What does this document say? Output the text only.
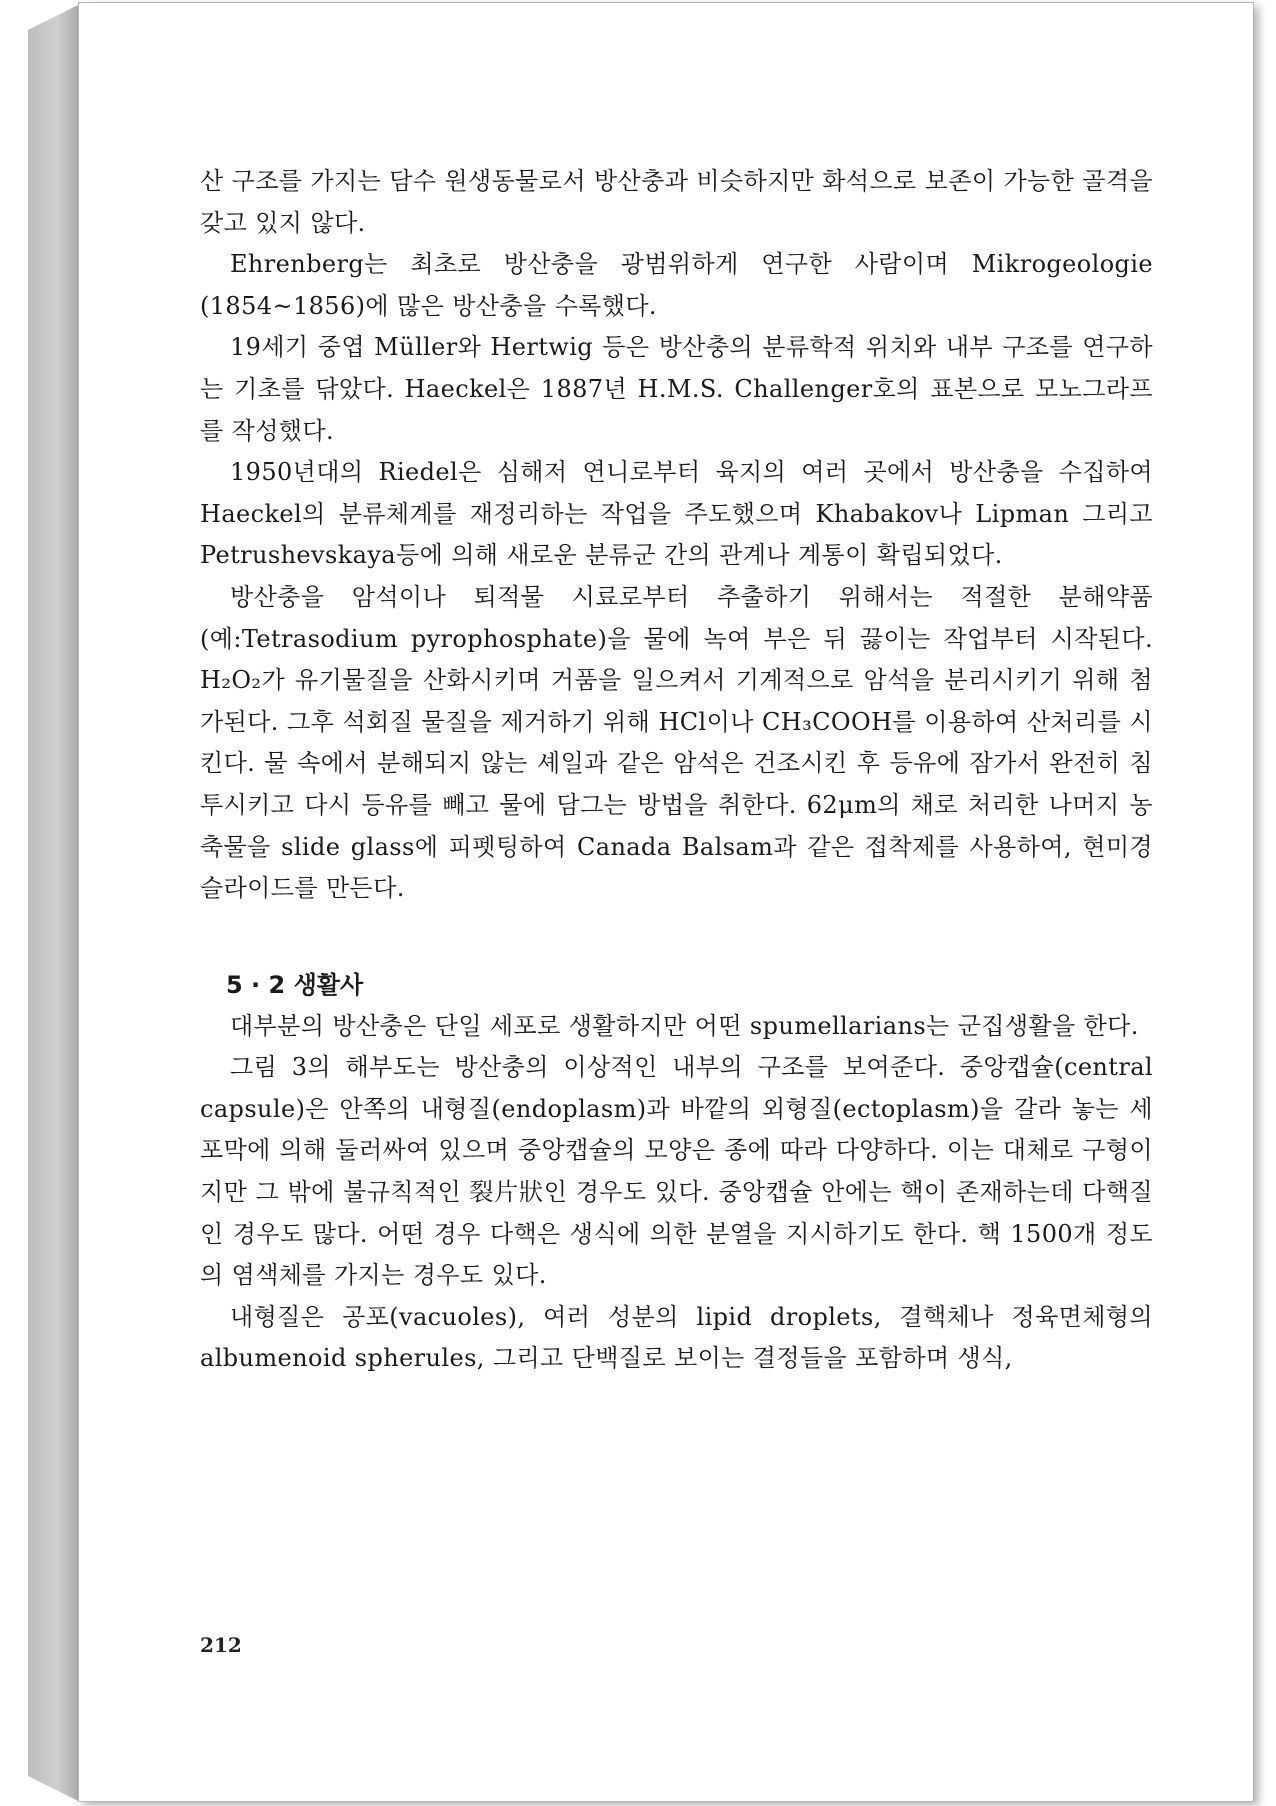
산 구조를 가지는 담수 원생동물로서 방산충과 비슷하지만 화석으로 보존이 가능한 골격을 갖고 있지 않다.

Ehrenberg는 최초로 방산충을 광범위하게 연구한 사람이며 Mikrogeologie (1854~1856)에 많은 방산충을 수록했다.

19세기 중엽 Müller와 Hertwig 등은 방산충의 분류학적 위치와 내부 구조를 연구하는 기초를 닦았다. Haeckel은 1887년 H.M.S. Challenger호의 표본으로 모노그라프를 작성했다.

1950년대의 Riedel은 심해저 연니로부터 육지의 여러 곳에서 방산충을 수집하여 Haeckel의 분류체계를 재정리하는 작업을 주도했으며 Khabakov나 Lipman 그리고 Petrushevskaya등에 의해 새로운 분류군 간의 관계나 계통이 확립되었다.

방산충을 암석이나 퇴적물 시료로부터 추출하기 위해서는 적절한 분해약품(예:Tetrasodium pyrophosphate)을 물에 녹여 부은 뒤 끓이는 작업부터 시작된다. H₂O₂가 유기물질을 산화시키며 거품을 일으켜서 기계적으로 암석을 분리시키기 위해 첨가된다. 그후 석회질 물질을 제거하기 위해 HCl이나 CH₃COOH를 이용하여 산처리를 시킨다. 물 속에서 분해되지 않는 셰일과 같은 암석은 건조시킨 후 등유에 잠가서 완전히 침투시키고 다시 등유를 빼고 물에 담그는 방법을 취한다. 62μm의 채로 처리한 나머지 농축물을 slide glass에 피펫팅하여 Canada Balsam과 같은 접착제를 사용하여, 현미경 슬라이드를 만든다.

5 · 2 생활사

대부분의 방산충은 단일 세포로 생활하지만 어떤 spumellarians는 군집생활을 한다.

그림 3의 해부도는 방산충의 이상적인 내부의 구조를 보여준다. 중앙캡슐(central capsule)은 안쪽의 내형질(endoplasm)과 바깥의 외형질(ectoplasm)을 갈라 놓는 세포막에 의해 둘러싸여 있으며 중앙캡슐의 모양은 종에 따라 다양하다. 이는 대체로 구형이지만 그 밖에 불규칙적인 裂片狀인 경우도 있다. 중앙캡슐 안에는 핵이 존재하는데 다핵질인 경우도 많다. 어떤 경우 다핵은 생식에 의한 분열을 지시하기도 한다. 핵 1500개 정도의 염색체를 가지는 경우도 있다.

내형질은 공포(vacuoles), 여러 성분의 lipid droplets, 결핵체나 정육면체형의 albumenoid spherules, 그리고 단백질로 보이는 결정들을 포함하며 생식,

212
